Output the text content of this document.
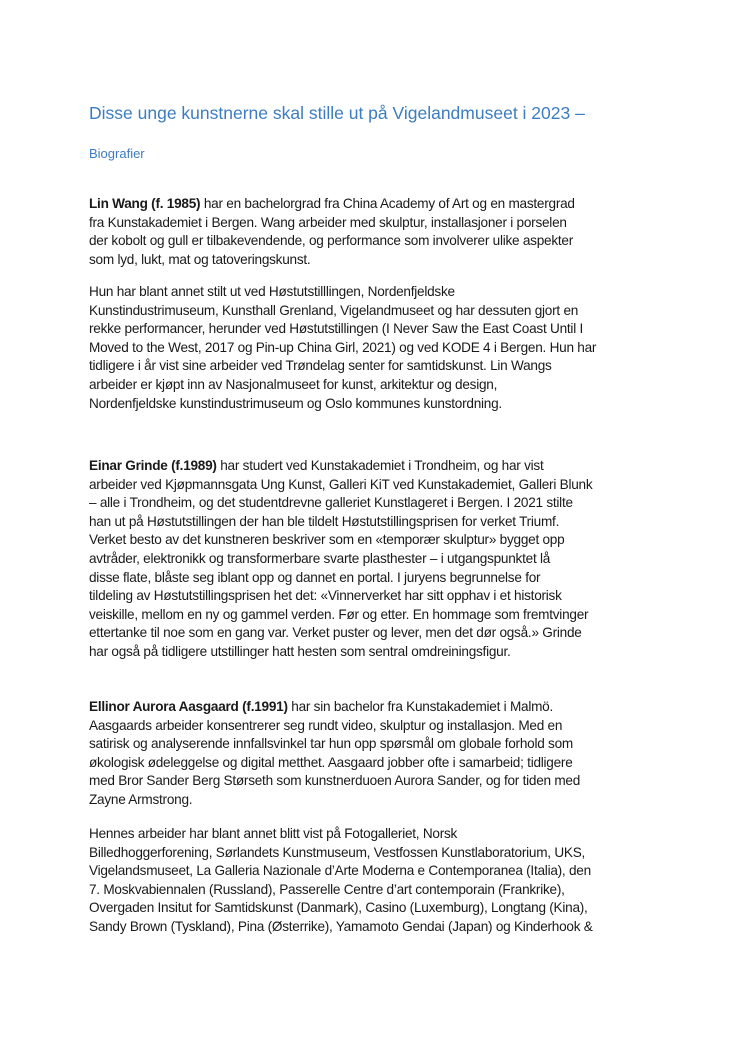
Disse unge kunstnerne skal stille ut på Vigelandmuseet i 2023 –
Biografier

Lin Wang (f. 1985) har en bachelorgrad fra China Academy of Art og en mastergrad
fra Kunstakademiet i Bergen. Wang arbeider med skulptur, installasjoner i porselen
der kobolt og gull er tilbakevendende, og performance som involverer ulike aspekter
som lyd, lukt, mat og tatoveringskunst.

Hun har blant annet stilt ut ved Høstutstilllingen, Nordenfjeldske
Kunstindustrimuseum, Kunsthall Grenland, Vigelandmuseet og har dessuten gjort en
rekke performancer, herunder ved Høstutstillingen (I Never Saw the East Coast Until I
Moved to the West, 2017 og Pin-up China Girl, 2021) og ved KODE 4 i Bergen. Hun har
tidligere i år vist sine arbeider ved Trøndelag senter for samtidskunst. Lin Wangs
arbeider er kjøpt inn av Nasjonalmuseet for kunst, arkitektur og design,
Nordenfjeldske kunstindustrimuseum og Oslo kommunes kunstordning.

Einar Grinde (f.1989) har studert ved Kunstakademiet i Trondheim, og har vist
arbeider ved Kjøpmannsgata Ung Kunst, Galleri KiT ved Kunstakademiet, Galleri Blunk
– alle i Trondheim, og det studentdrevne galleriet Kunstlageret i Bergen. I 2021 stilte
han ut på Høstutstillingen der han ble tildelt Høstutstillingsprisen for verket Triumf.
Verket besto av det kunstneren beskriver som en «temporær skulptur» bygget opp
avtråder, elektronikk og transformerbare svarte plasthester – i utgangspunktet lå
disse flate, blåste seg iblant opp og dannet en portal. I juryens begrunnelse for
tildeling av Høstutstillingsprisen het det: «Vinnerverket har sitt opphav i et historisk
veiskille, mellom en ny og gammel verden. Før og etter. En hommage som fremtvinger
ettertanke til noe som en gang var. Verket puster og lever, men det dør også.» Grinde
har også på tidligere utstillinger hatt hesten som sentral omdreiningsfigur.

Ellinor Aurora Aasgaard (f.1991) har sin bachelor fra Kunstakademiet i Malmö.
Aasgaards arbeider konsentrerer seg rundt video, skulptur og installasjon. Med en
satirisk og analyserende innfallsvinkel tar hun opp spørsmål om globale forhold som
økologisk ødeleggelse og digital metthet. Aasgaard jobber ofte i samarbeid; tidligere
med Bror Sander Berg Størseth som kunstnerduoen Aurora Sander, og for tiden med
Zayne Armstrong.

Hennes arbeider har blant annet blitt vist på Fotogalleriet, Norsk
Billedhoggerforening, Sørlandets Kunstmuseum, Vestfossen Kunstlaboratorium, UKS,
Vigelandsmuseet, La Galleria Nazionale d’Arte Moderna e Contemporanea (Italia), den
7. Moskvabiennalen (Russland), Passerelle Centre d’art contemporain (Frankrike),
Overgaden Insitut for Samtidskunst (Danmark), Casino (Luxemburg), Longtang (Kina),
Sandy Brown (Tyskland), Pina (Østerrike), Yamamoto Gendai (Japan) og Kinderhook &
